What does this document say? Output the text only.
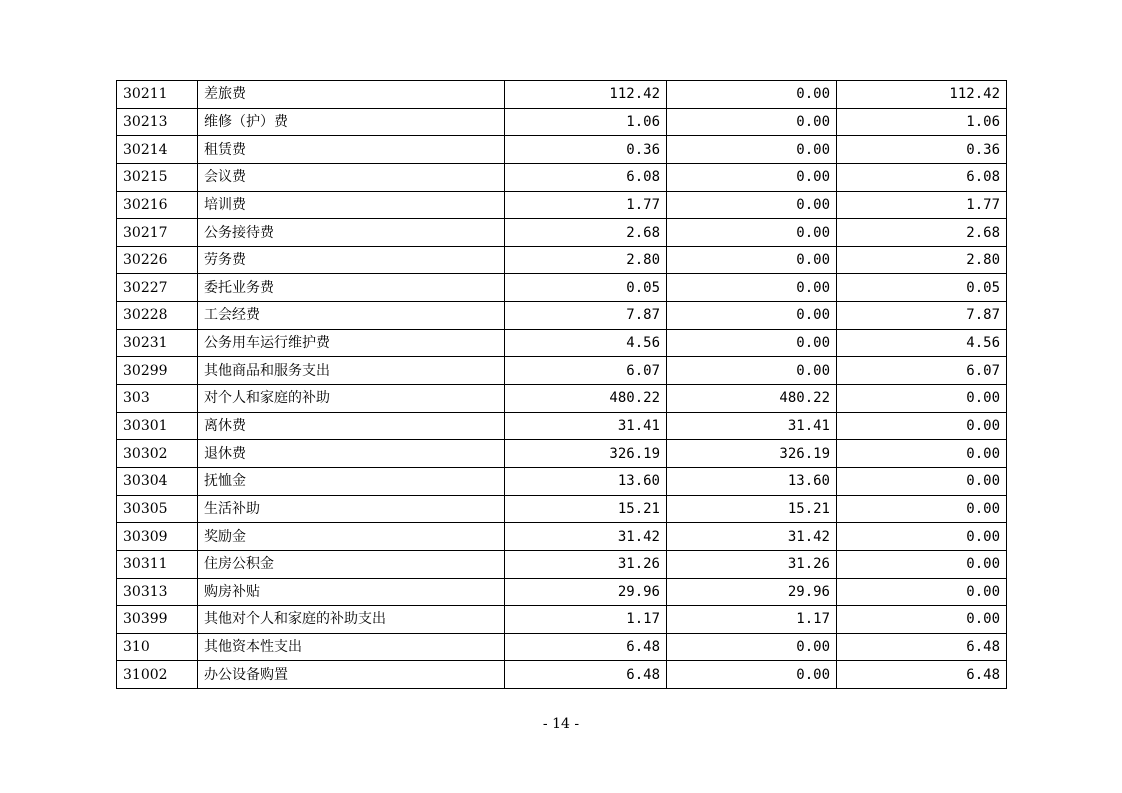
30211	差旅费	112.42	0.00	112.42
30213	维修（护）费	1.06	0.00	1.06
30214	租赁费	0.36	0.00	0.36
30215	会议费	6.08	0.00	6.08
30216	培训费	1.77	0.00	1.77
30217	公务接待费	2.68	0.00	2.68
30226	劳务费	2.80	0.00	2.80
30227	委托业务费	0.05	0.00	0.05
30228	工会经费	7.87	0.00	7.87
30231	公务用车运行维护费	4.56	0.00	4.56
30299	其他商品和服务支出	6.07	0.00	6.07
303	对个人和家庭的补助	480.22	480.22	0.00
30301	离休费	31.41	31.41	0.00
30302	退休费	326.19	326.19	0.00
30304	抚恤金	13.60	13.60	0.00
30305	生活补助	15.21	15.21	0.00
30309	奖励金	31.42	31.42	0.00
30311	住房公积金	31.26	31.26	0.00
30313	购房补贴	29.96	29.96	0.00
30399	其他对个人和家庭的补助支出	1.17	1.17	0.00
310	其他资本性支出	6.48	0.00	6.48
31002	办公设备购置	6.48	0.00	6.48
- 14 -
